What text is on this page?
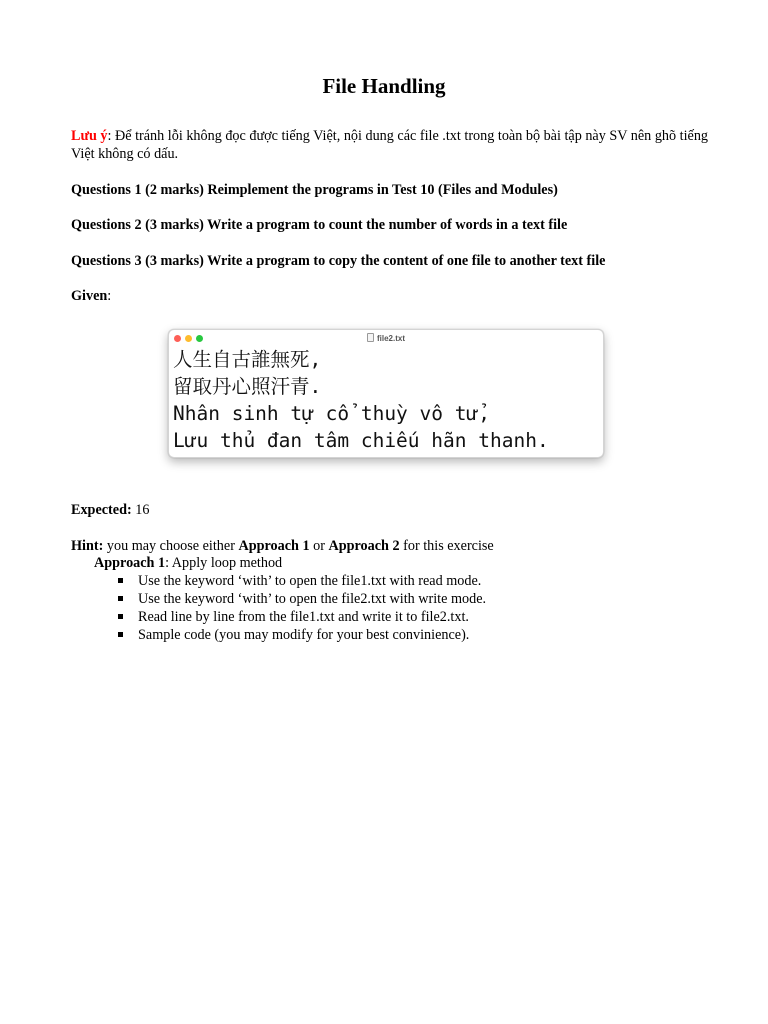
File Handling

Lưu ý: Để tránh lỗi không đọc được tiếng Việt, nội dung các file .txt trong toàn bộ bài tập này SV nên ghõ tiếng Việt không có dấu.

Questions 1 (2 marks) Reimplement the programs in Test 10 (Files and Modules)

Questions 2 (3 marks) Write a program to count the number of words in a text file

Questions 3 (3 marks) Write a program to copy the content of one file to another text file

Given:

file2.txt
人生自古誰無死,
留取丹心照汗青.
Nhân sinh tự cổ thuỳ vô tử,
Lưu thủ đan tâm chiếu hãn thanh.

Expected: 16

Hint: you may choose either Approach 1 or Approach 2 for this exercise

Approach 1: Apply loop method

Use the keyword ‘with’ to open the file1.txt with read mode.
Use the keyword ‘with’ to open the file2.txt with write mode.
Read line by line from the file1.txt and write it to file2.txt.
Sample code (you may modify for your best convinience).
